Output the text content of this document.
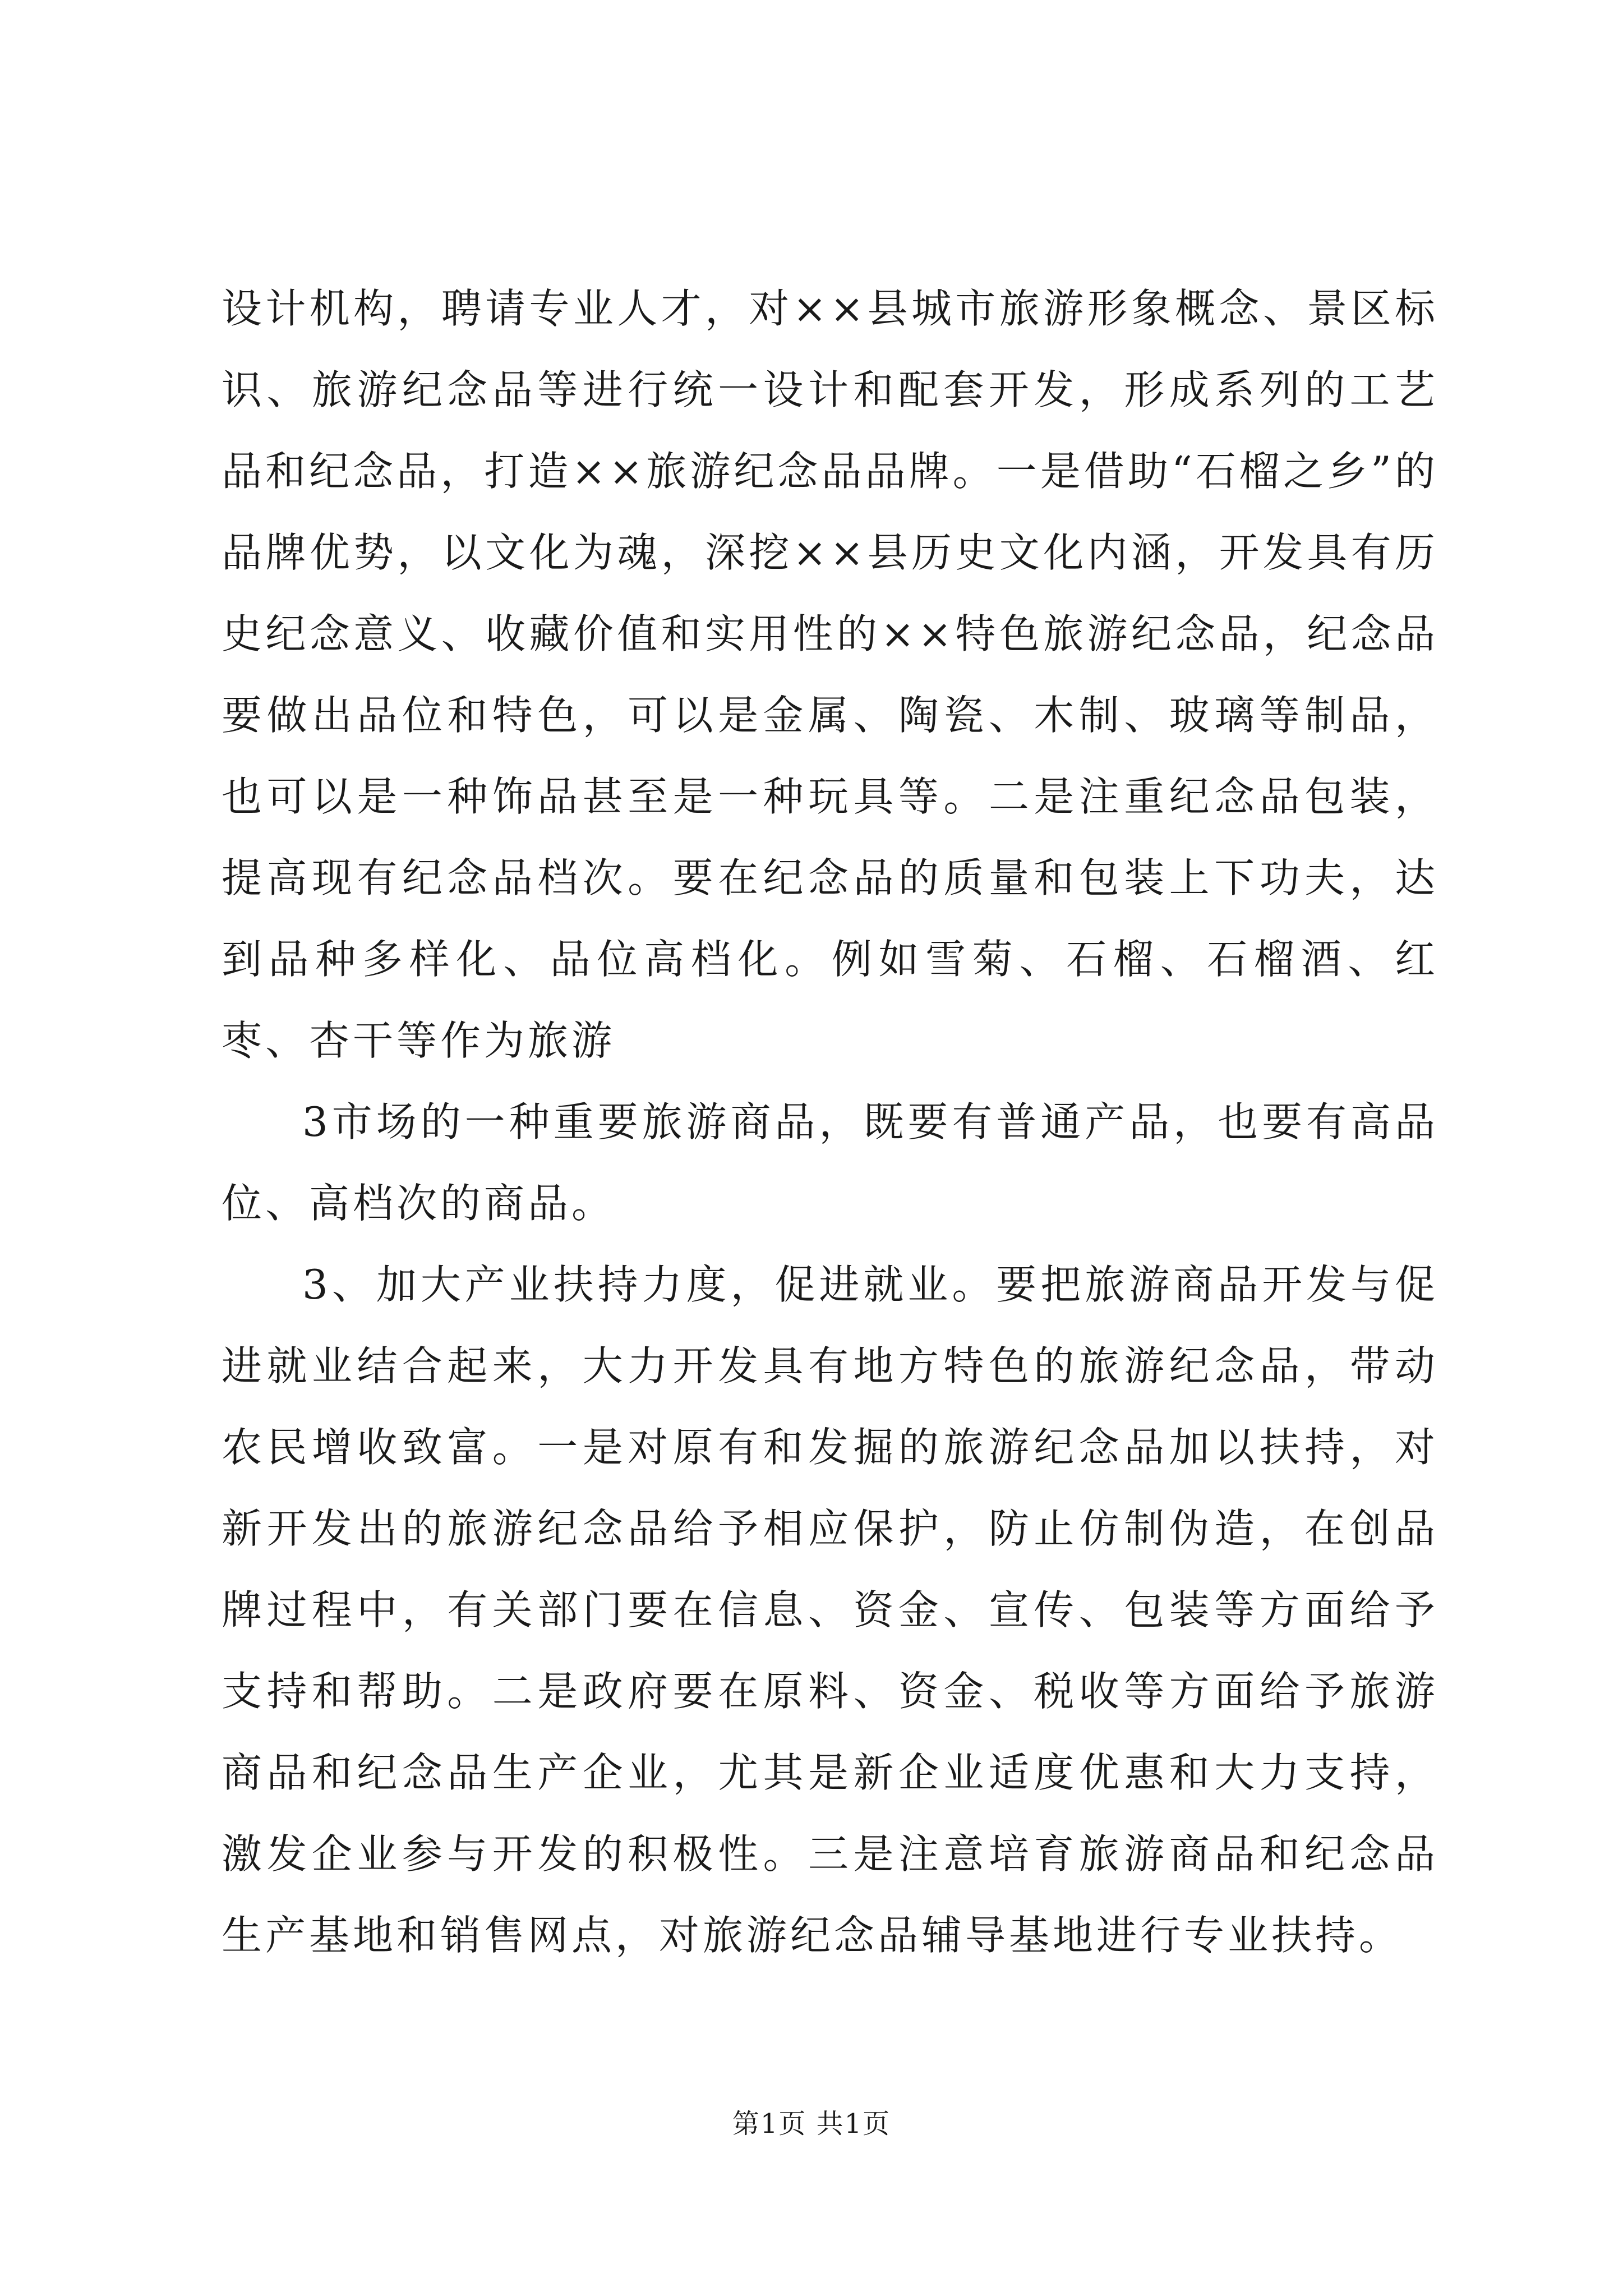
设计机构，聘请专业人才，对××县城市旅游形象概念、景区标识、旅游纪念品等进行统一设计和配套开发，形成系列的工艺品和纪念品，打造××旅游纪念品品牌。一是借助“石榴之乡”的品牌优势，以文化为魂，深挖××县历史文化内涵，开发具有历史纪念意义、收藏价值和实用性的××特色旅游纪念品，纪念品要做出品位和特色，可以是金属、陶瓷、木制、玻璃等制品，也可以是一种饰品甚至是一种玩具等。二是注重纪念品包装，提高现有纪念品档次。要在纪念品的质量和包装上下功夫，达到品种多样化、品位高档化。例如雪菊、石榴、石榴酒、红枣、杏干等作为旅游

3市场的一种重要旅游商品，既要有普通产品，也要有高品位、高档次的商品。

3、加大产业扶持力度，促进就业。要把旅游商品开发与促进就业结合起来，大力开发具有地方特色的旅游纪念品，带动农民增收致富。一是对原有和发掘的旅游纪念品加以扶持，对新开发出的旅游纪念品给予相应保护，防止仿制伪造，在创品牌过程中，有关部门要在信息、资金、宣传、包装等方面给予支持和帮助。二是政府要在原料、资金、税收等方面给予旅游商品和纪念品生产企业，尤其是新企业适度优惠和大力支持，激发企业参与开发的积极性。三是注意培育旅游商品和纪念品生产基地和销售网点，对旅游纪念品辅导基地进行专业扶持。

第1页 共1页
